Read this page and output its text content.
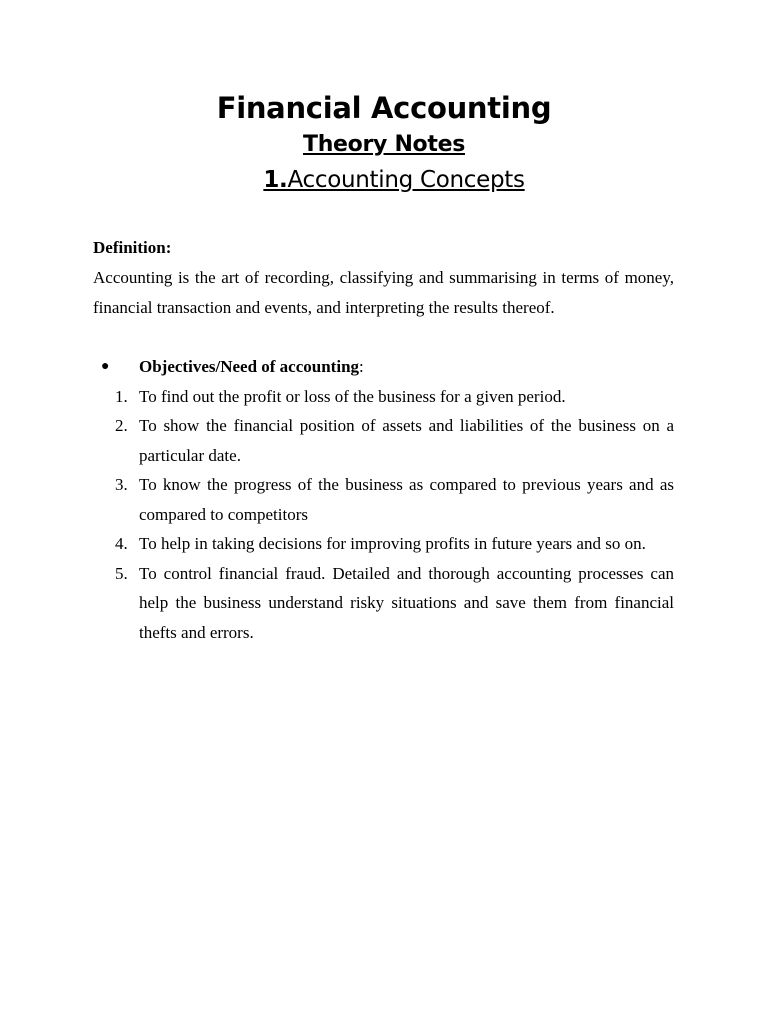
Financial Accounting
Theory Notes
1.Accounting Concepts
Definition:
Accounting is the art of recording, classifying and summarising in terms of money, financial transaction and events, and interpreting the results thereof.
●	Objectives/Need of accounting:
1. To find out the profit or loss of the business for a given period.
2. To show the financial position of assets and liabilities of the business on a particular date.
3. To know the progress of the business as compared to previous years and as compared to competitors
4. To help in taking decisions for improving profits in future years and so on.
5. To control financial fraud. Detailed and thorough accounting processes can help the business understand risky situations and save them from financial thefts and errors.
